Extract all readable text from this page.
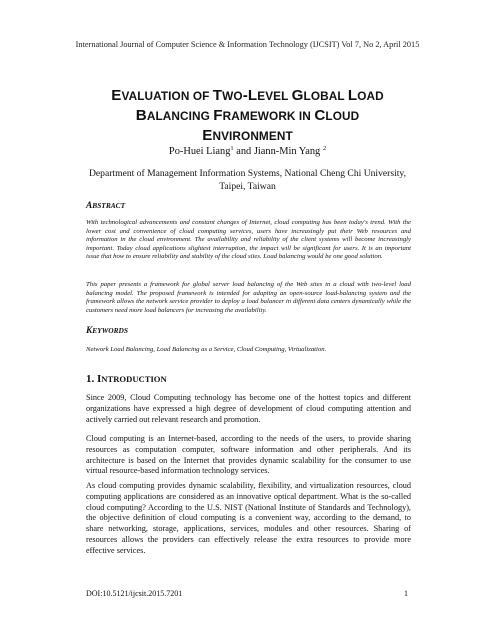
International Journal of Computer Science & Information Technology (IJCSIT) Vol 7, No 2, April 2015
EVALUATION OF TWO-LEVEL GLOBAL LOAD
BALANCING FRAMEWORK IN CLOUD
ENVIRONMENT
Po-Huei Liang$^1$ and Jiann-Min Yang $^2$
Department of Management Information Systems, National Cheng Chi University,
Taipei, Taiwan
ABSTRACT
With technological advancements and constant changes of Internet, cloud computing has been today's trend. With the lower cost and convenience of cloud computing services, users have increasingly put their Web resources and information in the cloud environment. The availability and reliability of the client systems will become increasingly important. Today cloud applications slightest interruption, the impact will be significant for users. It is an important issue that how to ensure reliability and stability of the cloud sites. Load balancing would be one good solution.
This paper presents a framework for global server load balancing of the Web sites in a cloud with two-level load balancing model. The proposed framework is intended for adapting an open-source load-balancing system and the framework allows the network service provider to deploy a load balancer in different data centers dynamically while the customers need more load balancers for increasing the availability.
KEYWORDS
Network Load Balancing, Load Balancing as a Service, Cloud Computing, Virtualization.
1. INTRODUCTION
Since 2009, Cloud Computing technology has become one of the hottest topics and different organizations have expressed a high degree of development of cloud computing attention and actively carried out relevant research and promotion.
Cloud computing is an Internet-based, according to the needs of the users, to provide sharing resources as computation computer, software information and other peripherals. And its architecture is based on the Internet that provides dynamic scalability for the consumer to use virtual resource-based information technology services.
As cloud computing provides dynamic scalability, flexibility, and virtualization resources, cloud computing applications are considered as an innovative optical department. What is the so-called cloud computing? According to the U.S. NIST (National Institute of Standards and Technology), the objective definition of cloud computing is a convenient way, according to the demand, to share networking, storage, applications, services, modules and other resources. Sharing of resources allows the providers can effectively release the extra resources to provide more effective services.
DOI:10.5121/ijcsit.2015.7201	1
